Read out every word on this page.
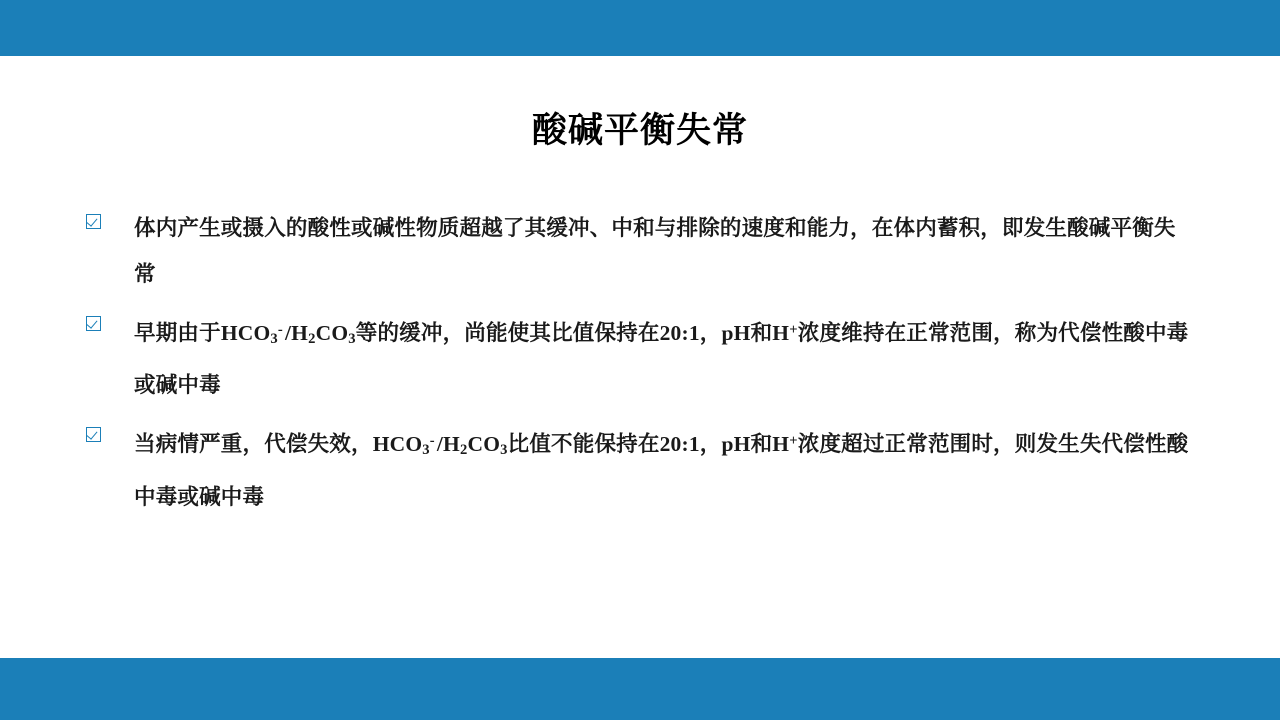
酸碱平衡失常
体内产生或摄入的酸性或碱性物质超越了其缓冲、中和与排除的速度和能力，在体内蓄积，即发生酸碱平衡失常
早期由于$HCO_3^-$ $/H_2CO_3$等的缓冲，尚能使其比值保持在20:1，pH和H+浓度维持在正常范围，称为代偿性酸中毒或碱中毒
当病情严重，代偿失效，$HCO_3^-$ $/H_2CO_3$比值不能保持在20:1，pH和H+浓度超过正常范围时，则发生失代偿性酸中毒或碱中毒
